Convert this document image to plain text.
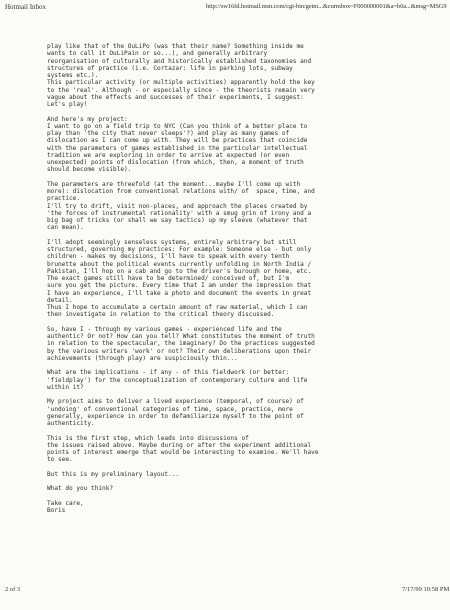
Hotmail Inbox	http://sw16fd.hotmail.msn.com/cgi-bin/getm...&curmbox=F000000001&a=b0a...&msg=MSG9
play like that of the OuLiPo (was that their name? Something inside me
wants to call it OuLiPain or so...), and generally arbitrary
reorganisation of culturally and historically established taxonomies and
structures of practice (i.e. Cortazar: life in parking lots, subway
systems etc.).
This particular activity (or multiple activities) apparently hold the key
to the 'real'. Although - or especially since - the theorists remain very
vague about the effects and successes of their experiments, I suggest:
Let's play!
And here's my project:
I want to go on a field trip to NYC (Can you think of a better place to
play than 'the city that never sleeps'?) and play as many games of
dislocation as I can come up with. They will be practices that coincide
with the parameters of games established in the particular intellectual
tradition we are exploring in order to arrive at expected (or even
unexpected) points of dislocation (from which, then, a moment of truth
should become visible).
The parameters are threefold (at the moment...maybe I'll come up with
more): dislocation from conventional relations with/ of  space, time, and
practice.
I'll try to drift, visit non-places, and approach the places created by
'the forces of instrumental rationality' with a smug grin of irony and a
big bag of tricks (or shall we say tactics) up my sleeve (whatever that
can mean).
I'll adopt seemingly senseless systems, entirely arbitrary but still
structured, governing my practices: For example: Someone else - but only
children - makes my decisions, I'll have to speak with every tenth
brunette about the political events currently unfolding in North India /
Pakistan, I'll hop on a cab and go to the driver's burough or home, etc.
The exact games still have to be determined/ conceived of, but I'm
sure you get the picture. Every time that I am under the impression that
I have an experience, I'll take a photo and document the events in great
detail.
Thus I hope to accumulate a certain amount of raw material, which I can
then investigate in relation to the critical theory discussed.
So, have I - through my various games - experienced life and the
authentic? Or not? How can you tell? What constitutes the moment of truth
in relation to the spectacular, the imaginary? Do the practices suggested
by the various writers 'work' or not? Their own deliberations upon their
achievements (through play) are suspiciously thin...
What are the implications - if any - of this fieldwork (or better:
'fieldplay') for the conceptualization of contemporary culture and life
within it?
My project aims to deliver a lived experience (temporal, of course) of
'undoing' of conventional categories of time, space, practice, more
generally, experience in order to defamiliarize myself to the point of
authenticity.
This is the first step, which leads into discussions of
the issues raised above. Maybe during or after the experiment additional
points of interest emerge that would be interesting to examine. We'll have
to see.
But this is my preliminary layout...
What do you think?
Take care,
Boris
2 of 3	7/17/99 10:58 PM
